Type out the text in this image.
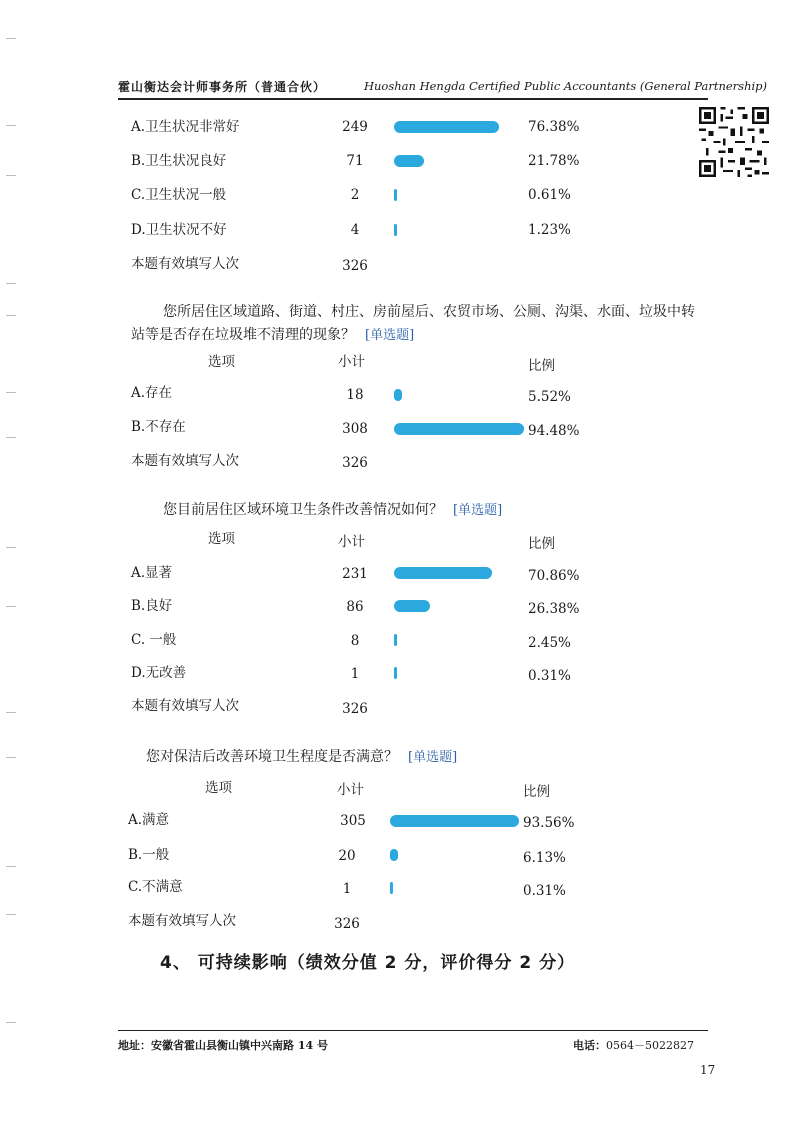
霍山衡达会计师事务所（普通合伙）	Huoshan Hengda Certified Public Accountants (General Partnership)
A.卫生状况非常好	249	76.38%
B.卫生状况良好	71	21.78%
C.卫生状况一般	2	0.61%
D.卫生状况不好	4	1.23%
本题有效填写人次	326
您所居住区域道路、街道、村庄、房前屋后、农贸市场、公厕、沟渠、水面、垃圾中转站等是否存在垃圾堆不清理的现象？ [单选题]
选项	小计	比例
A.存在	18	5.52%
B.不存在	308	94.48%
本题有效填写人次	326
您目前居住区域环境卫生条件改善情况如何？ [单选题]
选项	小计	比例
A.显著	231	70.86%
B.良好	86	26.38%
C. 一般	8	2.45%
D.无改善	1	0.31%
本题有效填写人次	326
您对保洁后改善环境卫生程度是否满意？ [单选题]
选项	小计	比例
A.满意	305	93.56%
B.一般	20	6.13%
C.不满意	1	0.31%
本题有效填写人次	326
4、 可持续影响（绩效分值 2 分，评价得分 2 分）
地址：安徽省霍山县衡山镇中兴南路 14 号	电话：0564－5022827
17
